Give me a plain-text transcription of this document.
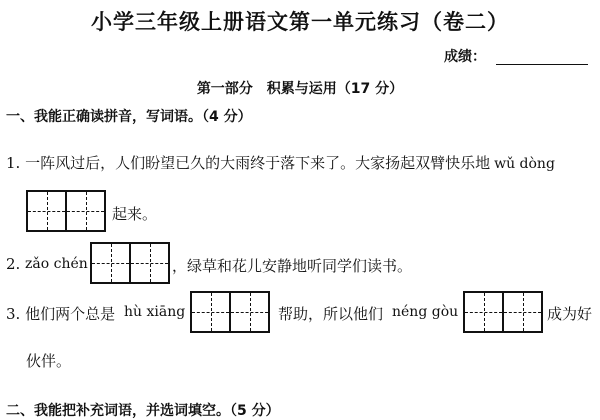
小学三年级上册语文第一单元练习（卷二）
成绩：
第一部分　积累与运用（17 分）
一、我能正确读拼音，写词语。（4 分）
1. 一阵风过后，人们盼望已久的大雨终于落下来了。大家扬起双臂快乐地 wǔ dòng
起来。
2. zǎo chén	，绿草和花儿安静地听同学们读书。
3. 他们两个总是 hù xiāng	帮助，所以他们 néng gòu	成为好
伙伴。
二、我能把补充词语，并选词填空。（5 分）
